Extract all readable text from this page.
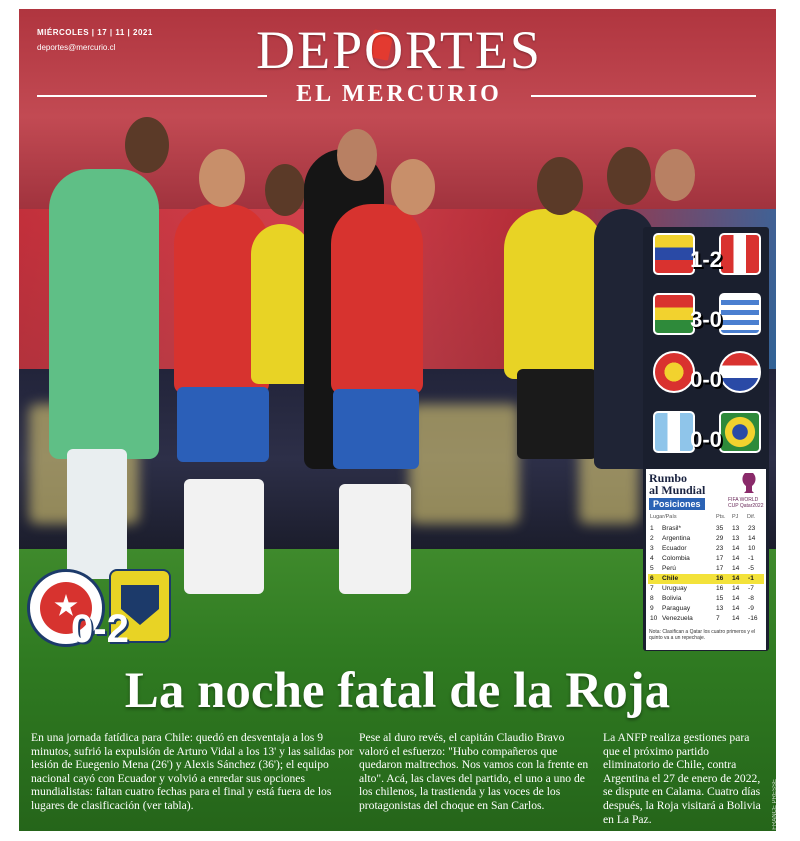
MIÉRCOLES | 17 | 11 | 2021
deportes@mercurio.cl	DEPORTES
EL MERCURIO
0-2
1-2
3-0
0-0
0-0
Rumbo
al Mundial
FIFA WORLD CUP Qatar2022
Posiciones
Lugar/País	Pts. PJ Dif.
1 Brasil*	35 13 23
2 Argentina	29 13 14
3 Ecuador	23 14 10
4 Colombia	17 14 -1
5 Perú	17 14 -5
6 Chile	16 14 -1
7 Uruguay	16 14 -7
8 Bolivia	15 14 -8
9 Paraguay	13 14 -9
10 Venezuela	7 14 -16
Nota: Clasifican a Qatar los cuatro primeros y el quinto va a un repechaje.
La noche fatal de la Roja
En una jornada fatídica para Chile: quedó en desventaja a los 9 minutos, sufrió la expulsión de Arturo Vidal a los 13' y las salidas por lesión de Euegenio Mena (26') y Alexis Sánchez (36'); el equipo nacional cayó con Ecuador y volvió a enredar sus opciones mundialistas: faltan cuatro fechas para el final y está fuera de los lugares de clasificación (ver tabla).
Pese al duro revés, el capitán Claudio Bravo valoró el esfuerzo: "Hubo compañeros que quedaron maltrechos. Nos vamos con la frente en alto". Acá, las claves del partido, el uno a uno de los chilenos, la trastienda y las voces de los protagonistas del choque en San Carlos.
La ANFP realiza gestiones para que el próximo partido eliminatorio de Chile, contra Argentina el 27 de enero de 2022, se dispute en Calama. Cuatro días después, la Roja visitará a Bolivia en La Paz.	FRANCE PRESSE
